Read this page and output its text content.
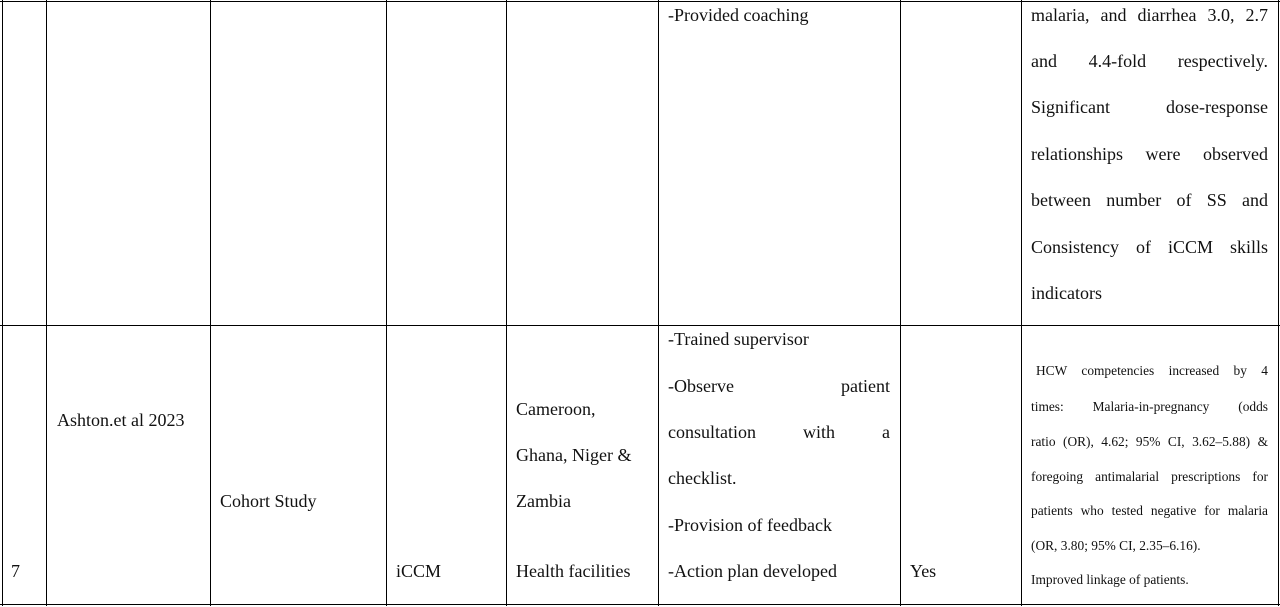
-Provided coaching	malaria, and diarrhea 3.0, 2.7
and 4.4-fold respectively.
Significant dose-response
relationships were observed
between number of SS and
Consistency of iCCM skills
indicators
7
Ashton.et al 2023
Cohort Study
iCCM
Cameroon,
Ghana, Niger &
Zambia
Health facilities
-Trained supervisor
-Observe patient
consultation with a
checklist.
-Provision of feedback
-Action plan developed	Yes
HCW competencies increased by 4
times: Malaria-in-pregnancy (odds
ratio (OR), 4.62; 95% CI, 3.62–5.88) &
foregoing antimalarial prescriptions for
patients who tested negative for malaria
(OR, 3.80; 95% CI, 2.35–6.16).
Improved linkage of patients.
